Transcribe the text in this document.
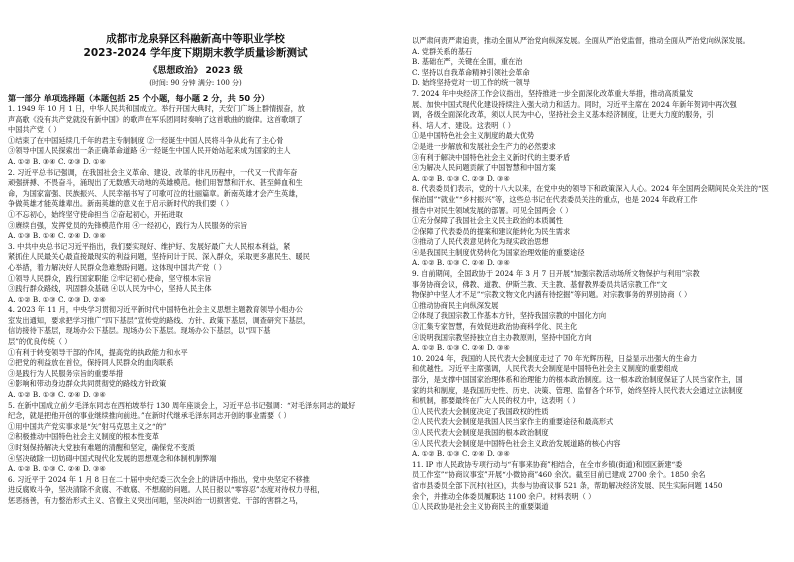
成都市龙泉驿区科融新高中等职业学校
2023-2024 学年度下期期末教学质量诊断测试
《思想政治》 2023 级
(时间: 90 分钟 满分: 100 分)
第一部分 单项选择题（本题包括 25 个小题，每小题 2 分，共 50 分）
1. 1949 年 10 月 1 日，中华人民共和国成立。举行开国大典时，天安门广场上群情振奋，放
声高歌《没有共产党就没有新中国》的歌声在军乐团同时奏响了这首歌曲的旋律。这首歌颂了
中国共产党（ ）
①结束了在中国延续几千年的君主专制制度 ②一经诞生中国人民将斗争从此有了主心骨
③领导中国人民探索出一条正确革命道路 ④一经诞生中国人民开始站起来成为国家的主人
A. ①② B. ③④ C. ②③ D. ①④
2. 习近平总书记强调，在我国社会主义革命、建设、改革的非凡历程中，一代又一代青年奋
顽强拼搏、不畏奋斗，涌现出了无数感天动地的英雄模范。他们用智慧和汗水、甚至鲜血和生
命，为国家富强、民族振兴、人民幸福书写了可歌可泣的壮丽篇章。新南英雄才会产生英雄，
争做英雄才能英雄辈出。新南英雄的意义在于启示新时代的我们要（ ）
①不忘初心，始终坚守使命担当 ②奋起初心，开拓进取
③赓续自强，发挥党员的先锋模范作用 ④一经初心，践行为人民服务的宗旨
A. ①③ B. ①④ C. ②④ D. ③④
3. 中共中央总书记习近平指出，我们要实现好、维护好、发展好最广大人民根本利益，紧
紧抓住人民最关心最直接最现实的利益问题，坚持问计于民、深入群众，采取更多惠民生、暖民
心举措，着力解决好人民群众急难愁盼问题。这体现中国共产党（ ）
①领导人民群众，践行国家职能 ②牢记初心使命，坚守根本宗旨
③践行群众路线，巩固群众基础 ④以人民为中心，坚持人民主体
A. ①② B. ①③ C. ②③ D. ②④
4. 2023 年 11 月，中央学习贯彻习近平新时代中国特色社会主义思想主题教育领导小组办公
室发出通知，要求把学习推广“四下基层”宣传党的路线、方针、政策下基层，调查研究下基层，
信访接待下基层，现场办公下基层。现场办公下基层。现场办公下基层，以“四下基
层”的优良传统（ ）
①有利于转变领导干部的作风，提高党的执政能力和水平
②把党的利益放在首位，保持同人民群众的血肉联系
③是践行为人民服务宗旨的重要举措
④影响和带动身边群众共同贯彻党的路线方针政策
A. ①② B. ①③ C. ②④ D. ③④
5. 在新中国成立前夕毛泽东同志在西柏坡举行 130 周年座谈会上，习近平总书记强调：“对毛泽东同志的最好
纪念，就是把他开创的事业继续推向前进。”在新时代继承毛泽东同志开创的事业需要（ ）
①用中国共产党实事求是“矢”射马克思主义之“的”
②积极推动中国特色社会主义制度的根本性变革
③时刻保持解决大党独有难题的清醒和坚定，确保党不变质
④坚决破除一切妨碍中国式现代化发展的思想观念和体制机制弊端
A. ①② B. ①③ C. ②④ D. ③④
6. 习近平于 2024 年 1 月 8 日在二十届中央纪委三次全会上的讲话中指出，党中央坚定不移推
进反腐败斗争，坚决清除不贪腐、不敢腐、不想腐的问题。人民日报以“零容忍”态度对待权力寻租，
惩恶扬善，有力整治形式主义、官僚主义突出问题，坚决纠治一切损害党、干部的害群之马，
以严肃问责严肃追责，推动全面从严治党向纵深发展。全面从严治党监督，推动全面从严治党向纵深发展。
A. 党群关系的基石
B. 基础在严，关键在全面，重在治
C. 坚持以自我革命精神引领社会革命
D. 始终坚持党对一切工作的统一领导
7. 2024 年中央经济工作会议指出，坚持推进一步全面深化改革重大举措，推动高质量发
展、加快中国式现代化建设持续注入强大动力和活力。同时，习近平主席在 2024 年新年贺词中再次强
调，各级全面深化改革，须以人民为中心，坚持社会主义基本经济制度，让更大力度的服务，引
科、培人才、建设。这表明（ ）
①是中国特色社会主义制度的最大优势
②是进一步解放和发展社会生产力的必然要求
③有利于解决中国特色社会主义新时代的主要矛盾
④为解决人民问题贡献了中国智慧和中国方案
A. ①② B. ①③ C. ②③ D. ③④
8. 代表委员们表示，党的十八大以来，在党中央的领导下和政策深入人心。2024 年全国两会期间民众关注的“医
保治国”“就业”“乡村振兴”等，这些总书记在代表委员关注的重点，也是 2024 年政府工作
报告中对民生领域发展的部署。可见全国两会（ ）
①充分保障了我国社会主义民主政治的本质属性
②保障了代表委员的提案和建议能转化为民生需求
③推动了人民代表意见转化为现实政治思想
④是我国民主制度优势转化为国家治理效能的重要途径
A. ①② B. ①③ C. ②④ D. ③④
9. 自前期间，全国政协于 2024 年 3 月 7 日开展“加强宗教活动场所文物保护与利用”宗教
事务协商会议，佛教、道教、伊斯兰教、天主教、基督教界委员共话宗教工作“文
物保护中坚人才不足”“宗教文物文化内涵有待挖掘”等问题。对宗教事务的界别协商（ ）
①推动协商民主向纵深发展
②体现了我国宗教工作基本方针，坚持我国宗教的中国化方向
③汇集专家智慧，有效促进政治协商科学化、民主化
④说明我国宗教坚持独立自主办教原则，坚持中国化方向
A. ①② B. ①③ C. ②④ D. ③④
10. 2024 年，我国的人民代表大会制度走过了 70 年光辉历程，日益显示出强大的生命力
和优越性。习近平主席强调，人民代表大会制度是中国特色社会主义制度的重要组成
部分，是支撑中国国家治理体系和治理能力的根本政治制度。这一根本政治制度保证了人民当家作主，国
家的共和制度，是我国历史性、历史、决策、管理、监督各个环节，始终坚持人民代表大会通过立法制度
和机制，都要最终在广大人民的权力中，这表明（ ）
①人民代表大会制度决定了我国政权的性质
②人民代表大会制度是我国人民当家作主的重要途径和最高形式
③人民代表大会制度是我国的根本政治制度
④人民代表大会制度是中国特色社会主义政治发展道路的核心内容
A. ①② B. ①③ C. ②④ D. ③④
11. IP 市人民政协专项行动与“有事来协商”相结合，在全市乡镇(街道)和园区新建“委
员工作室”“协商议事室”开展“小微协商”460 余次。截至目前已建成 2700 余个。1850 余名
省市县委员全部下沉村(社区)，共参与协商议事 521 条，帮助解决经济发展、民生实际问题 1450
余个，并推动全体委员履职达 1100 余户。材料表明（ ）
①人民政协是社会主义协商民主的重要渠道
